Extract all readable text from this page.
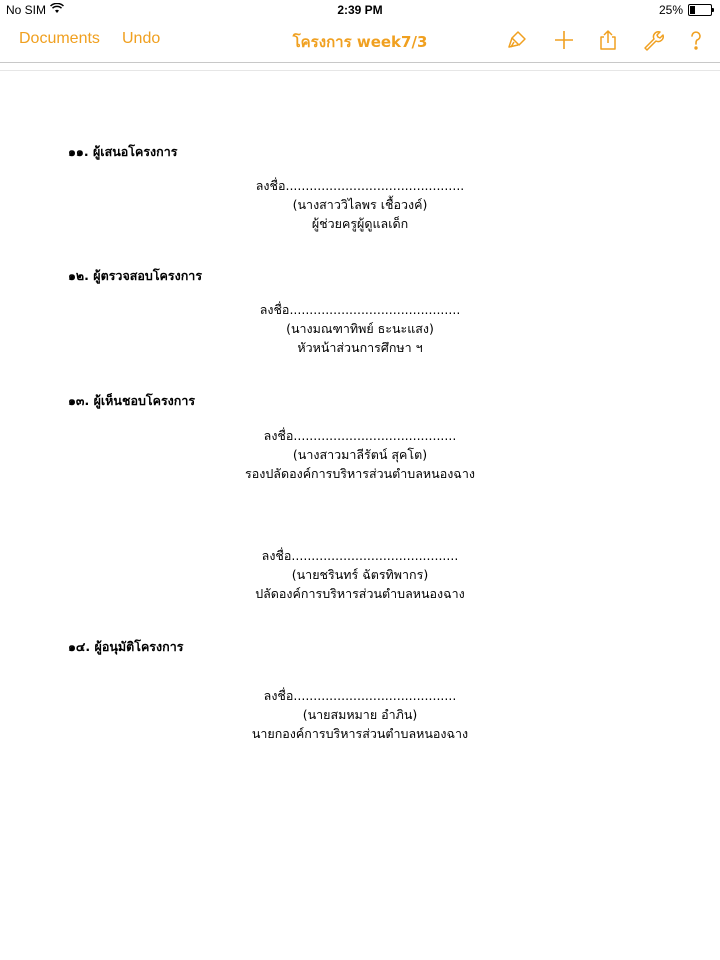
No SIM	2:39 PM	25%
Documents Undo	โครงการ week7/3
๑๑. ผู้เสนอโครงการ
ลงชื่อ.............................................
(นางสาววิไลพร เชื้อวงค์)
ผู้ช่วยครูผู้ดูแลเด็ก
๑๒. ผู้ตรวจสอบโครงการ
ลงชื่อ...........................................
(นางมณฑาทิพย์ ธะนะแสง)
หัวหน้าส่วนการศึกษา ฯ
๑๓. ผู้เห็นชอบโครงการ
ลงชื่อ.........................................
(นางสาวมาลีรัตน์ สุคโต)
รองปลัดองค์การบริหารส่วนตำบลหนองฉาง
ลงชื่อ..........................................
(นายชรินทร์ ฉัตรทิพากร)
ปลัดองค์การบริหารส่วนตำบลหนองฉาง
๑๔. ผู้อนุมัติโครงการ
ลงชื่อ.........................................
(นายสมหมาย อำภิน)
นายกองค์การบริหารส่วนตำบลหนองฉาง
